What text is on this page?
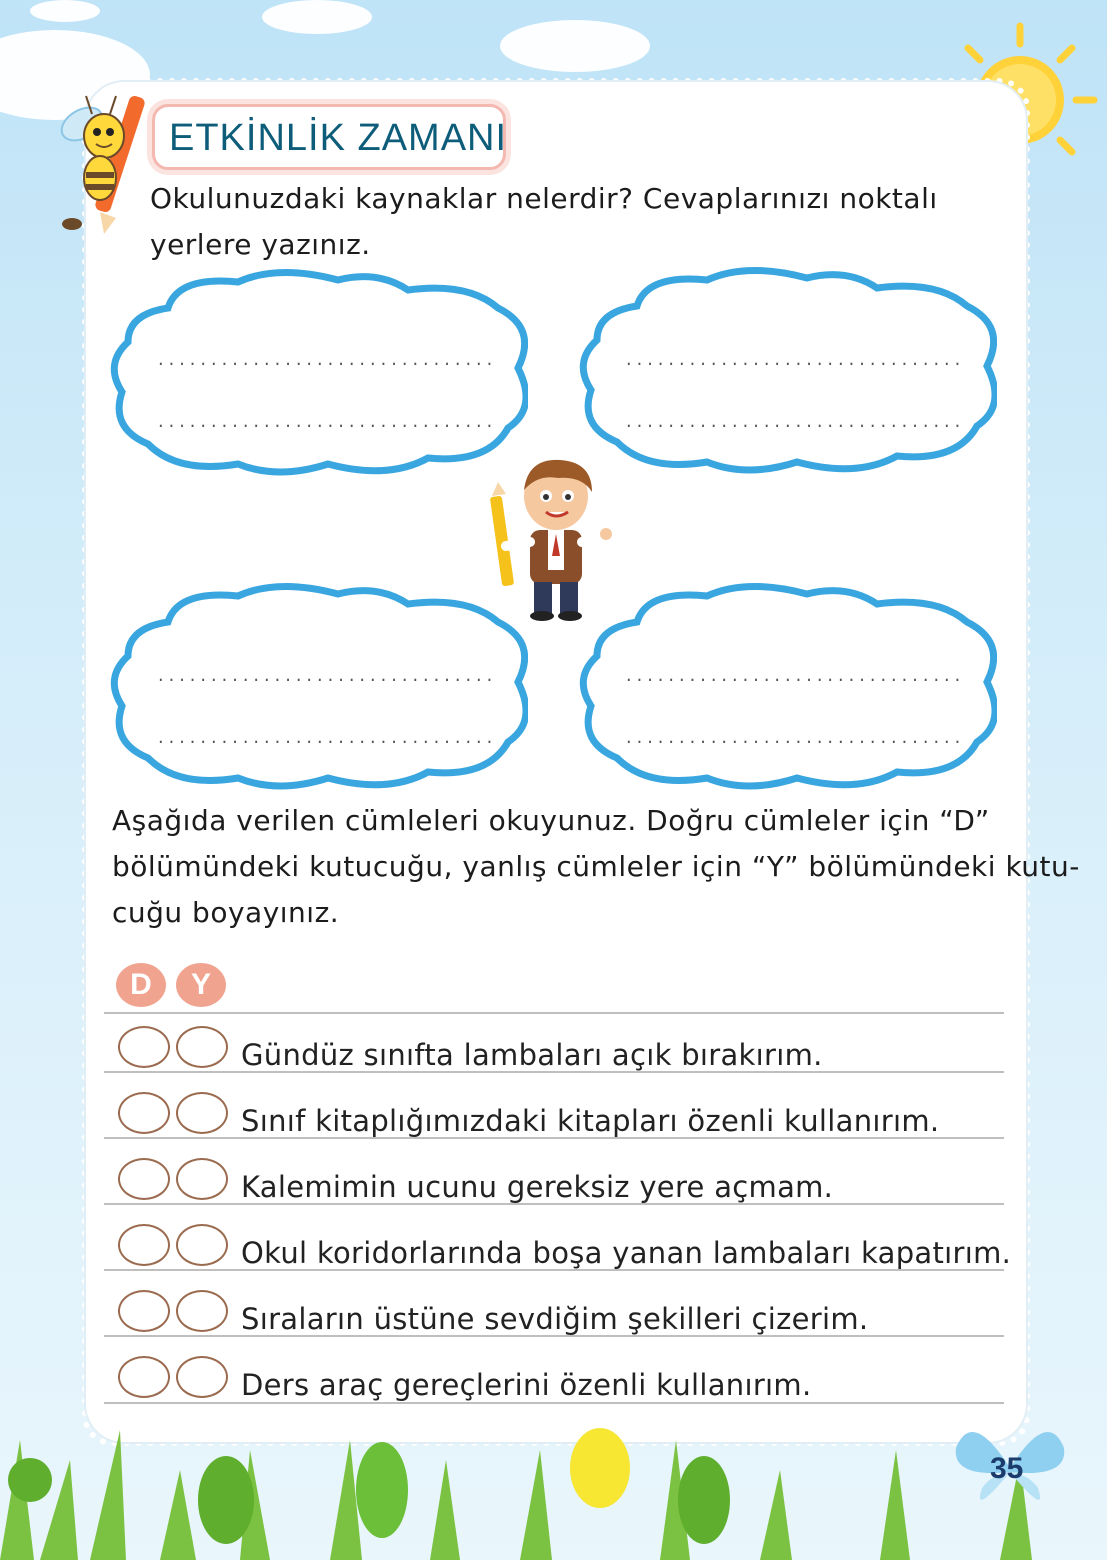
ETKİNLİK ZAMANI
Okulunuzdaki kaynaklar nelerdir? Cevaplarınızı noktalı
yerlere yazınız.
................................
................................
................................
................................
................................
................................
................................
................................
Aşağıda verilen cümleleri okuyunuz. Doğru cümleler için “D”
bölümündeki kutucuğu, yanlış cümleler için “Y” bölümündeki kutu-
cuğu boyayınız.
D	Y
Gündüz sınıfta lambaları açık bırakırım.
Sınıf kitaplığımızdaki kitapları özenli kullanırım.
Kalemimin ucunu gereksiz yere açmam.
Okul koridorlarında boşa yanan lambaları kapatırım.
Sıraların üstüne sevdiğim şekilleri çizerim.
Ders araç gereçlerini özenli kullanırım.
35
